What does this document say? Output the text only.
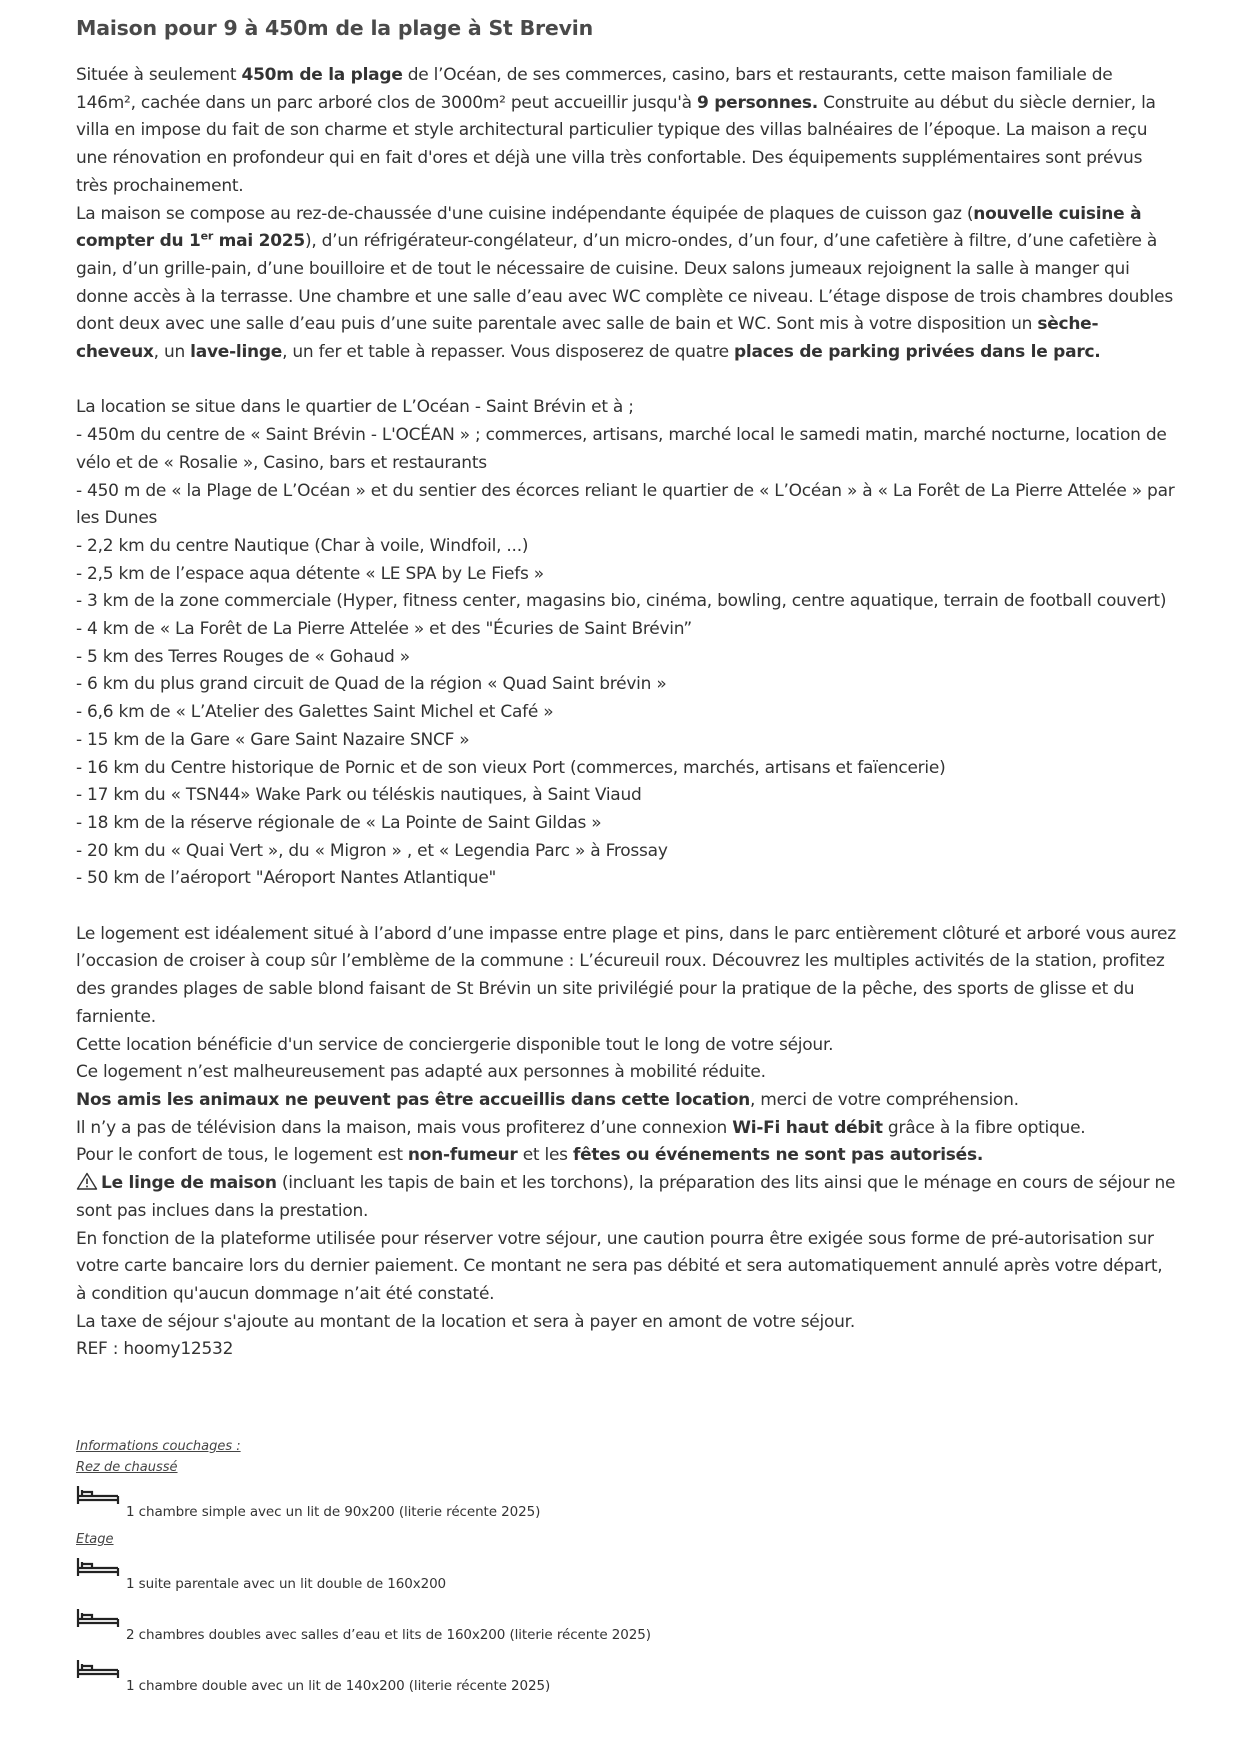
Maison pour 9 à 450m de la plage à St Brevin

Située à seulement 450m de la plage de l’Océan, de ses commerces, casino, bars et restaurants, cette maison familiale de 146m², cachée dans un parc arboré clos de 3000m² peut accueillir jusqu'à 9 personnes. Construite au début du siècle dernier, la villa en impose du fait de son charme et style architectural particulier typique des villas balnéaires de l’époque. La maison a reçu une rénovation en profondeur qui en fait d'ores et déjà une villa très confortable. Des équipements supplémentaires sont prévus très prochainement.

La maison se compose au rez-de-chaussée d'une cuisine indépendante équipée de plaques de cuisson gaz (nouvelle cuisine à compter du 1er mai 2025), d’un réfrigérateur-congélateur, d’un micro-ondes, d’un four, d’une cafetière à filtre, d’une cafetière à gain, d’un grille-pain, d’une bouilloire et de tout le nécessaire de cuisine. Deux salons jumeaux rejoignent la salle à manger qui donne accès à la terrasse. Une chambre et une salle d’eau avec WC complète ce niveau. L’étage dispose de trois chambres doubles dont deux avec une salle d’eau puis d’une suite parentale avec salle de bain et WC. Sont mis à votre disposition un sèche-cheveux, un lave-linge, un fer et table à repasser. Vous disposerez de quatre places de parking privées dans le parc.

La location se situe dans le quartier de L’Océan - Saint Brévin et à ;

- 450m du centre de « Saint Brévin - L'OCÉAN » ; commerces, artisans, marché local le samedi matin, marché nocturne, location de vélo et de « Rosalie », Casino, bars et restaurants

- 450 m de « la Plage de L’Océan » et du sentier des écorces reliant le quartier de « L’Océan » à « La Forêt de La Pierre Attelée » par les Dunes

- 2,2 km du centre Nautique (Char à voile, Windfoil, ...)

- 2,5 km de l’espace aqua détente « LE SPA by Le Fiefs »

- 3 km de la zone commerciale (Hyper, fitness center, magasins bio, cinéma, bowling, centre aquatique, terrain de football couvert)

- 4 km de « La Forêt de La Pierre Attelée » et des "Écuries de Saint Brévin”

- 5 km des Terres Rouges de « Gohaud »

- 6 km du plus grand circuit de Quad de la région « Quad Saint brévin »

- 6,6 km de « L’Atelier des Galettes Saint Michel et Café »

- 15 km de la Gare « Gare Saint Nazaire SNCF »

- 16 km du Centre historique de Pornic et de son vieux Port (commerces, marchés, artisans et faïencerie)

- 17 km du « TSN44» Wake Park ou téléskis nautiques, à Saint Viaud

- 18 km de la réserve régionale de « La Pointe de Saint Gildas »

- 20 km du « Quai Vert », du « Migron » , et « Legendia Parc » à Frossay

- 50 km de l’aéroport "Aéroport Nantes Atlantique"

Le logement est idéalement situé à l’abord d’une impasse entre plage et pins, dans le parc entièrement clôturé et arboré vous aurez l’occasion de croiser à coup sûr l’emblème de la commune : L’écureuil roux. Découvrez les multiples activités de la station, profitez des grandes plages de sable blond faisant de St Brévin un site privilégié pour la pratique de la pêche, des sports de glisse et du farniente.

Cette location bénéficie d'un service de conciergerie disponible tout le long de votre séjour.

Ce logement n’est malheureusement pas adapté aux personnes à mobilité réduite.

Nos amis les animaux ne peuvent pas être accueillis dans cette location, merci de votre compréhension.

Il n’y a pas de télévision dans la maison, mais vous profiterez d’une connexion Wi-Fi haut débit grâce à la fibre optique.

Pour le confort de tous, le logement est non-fumeur et les fêtes ou événements ne sont pas autorisés.

Le linge de maison (incluant les tapis de bain et les torchons), la préparation des lits ainsi que le ménage en cours de séjour ne sont pas inclues dans la prestation.

En fonction de la plateforme utilisée pour réserver votre séjour, une caution pourra être exigée sous forme de pré-autorisation sur votre carte bancaire lors du dernier paiement. Ce montant ne sera pas débité et sera automatiquement annulé après votre départ, à condition qu'aucun dommage n’ait été constaté.

La taxe de séjour s'ajoute au montant de la location et sera à payer en amont de votre séjour.

REF : hoomy12532

Informations couchages :
Rez de chaussé
1 chambre simple avec un lit de 90x200 (literie récente 2025)
Etage
1 suite parentale avec un lit double de 160x200
2 chambres doubles avec salles d’eau et lits de 160x200 (literie récente 2025)
1 chambre double avec un lit de 140x200 (literie récente 2025)
